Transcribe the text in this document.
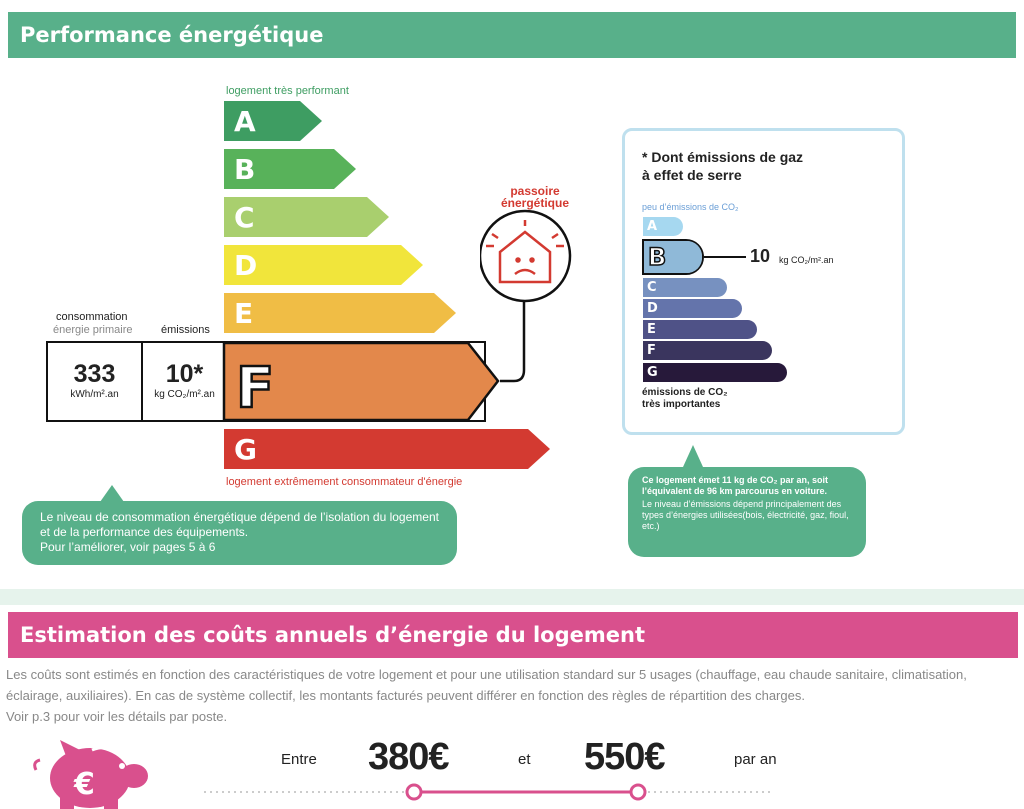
Performance énergétique
logement très performant
A
B
C
D
E
G
logement extrêmement consommateur d'énergie
consommation
énergie primaire	émissions
333
kWh/m².an
10*
kg CO₂/m².an F
passoire
énergétique
Le niveau de consommation énergétique dépend de l’isolation du logement et de la performance des équipements.
Pour l’améliorer, voir pages 5 à 6
* Dont émissions de gaz
à effet de serre
peu d’émissions de CO₂
A
B	10 kg CO₂/m².an
C
D
E
F
G
émissions de CO₂
très importantes
Ce logement émet 11 kg de CO₂ par an, soit l’équivalent de 96 km parcourus en voiture.
Le niveau d’émissions dépend principalement des types d’énergies utilisées(bois, électricité, gaz, fioul, etc.)
Estimation des coûts annuels d’énergie du logement
Les coûts sont estimés en fonction des caractéristiques de votre logement et pour une utilisation standard sur 5 usages (chauffage, eau chaude sanitaire, climatisation, éclairage, auxiliaires). En cas de système collectif, les montants facturés peuvent différer en fonction des règles de répartition des charges.
Voir p.3 pour voir les détails par poste.
€
Entre 380€	et 550€	par an
